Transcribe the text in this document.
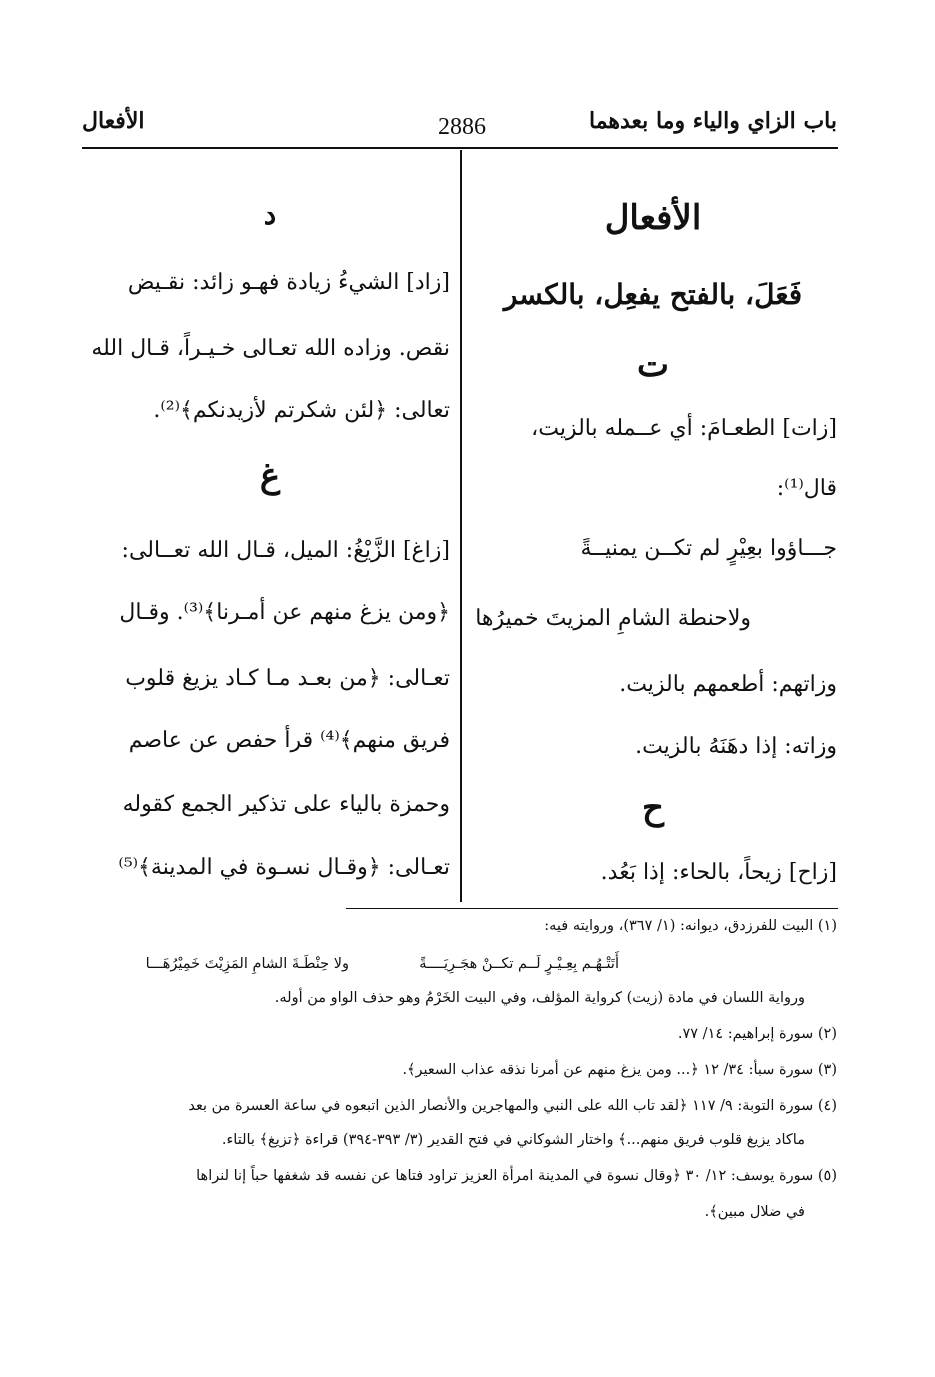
باب الزاي والياء وما بعدهما
2886
الأفعال
الأفعال
فَعَلَ، بالفتح يفعِل، بالكسر
ت
[زات] الطعـامَ: أي عــمله بالزيت،
قال⁽¹⁾:
جـــاؤوا بعِيْرٍ لم تكــن يمنيــةً
ولاحنطة الشامِ المزيتَ خميرُها
وزاتهم: أطعمهم بالزيت.
وزاته: إذا دهَنَهُ بالزيت.
ح
[زاح] زيحاً، بالحاء: إذا بَعُد.
د
[زاد] الشيءُ زيادة فهـو زائد: نقـيض
نقص. وزاده الله تعـالى خـيـراً، قـال الله
تعالى: ﴿لئن شكرتم لأزيدنكم﴾⁽²⁾.
غ
[زاغ] الزَّيْغُ: الميل، قـال الله تعــالى:
﴿ومن يزغ منهم عن أمـرنا﴾⁽³⁾. وقـال
تعـالى: ﴿من بعـد مـا كـاد يزيغ قلوب
فريق منهم﴾⁽⁴⁾ قرأ حفص عن عاصم
وحمزة بالياء على تذكير الجمع كقوله
تعـالى: ﴿وقـال نسـوة في المدينة﴾⁽⁵⁾
(١) البيت للفرزدق، ديوانه: (١/ ٣٦٧)، وروايته فيه:
أَتَتْـهُـم بِعِـيْـرٍ لَــم تكــنْ هجَـرِيَــــةً
ولا حِنْطَـةَ الشامِ المَزِيْتَ خَمِيْرُهَـــا
ورواية اللسان في مادة (زيت) كرواية المؤلف، وفي البيت الخَرْمُ وهو حذف الواو من أوله.
(٢) سورة إبراهيم: ١٤/ ٧٧.
(٣) سورة سبأ: ٣٤/ ١٢ ﴿... ومن يزغ منهم عن أمرنا نذقه عذاب السعير﴾.
(٤) سورة التوبة: ٩/ ١١٧ ﴿لقد تاب الله على النبي والمهاجرين والأنصار الذين اتبعوه في ساعة العسرة من بعد
ماكاد يزيغ قلوب فريق منهم...﴾ واختار الشوكاني في فتح القدير (٣/ ٣٩٣-٣٩٤) قراءة ﴿تزيغ﴾ بالتاء.
(٥) سورة يوسف: ١٢/ ٣٠ ﴿وقال نسوة في المدينة امرأة العزيز تراود فتاها عن نفسه قد شغفها حباً إنا لنراها
في ضلال مبين﴾.
